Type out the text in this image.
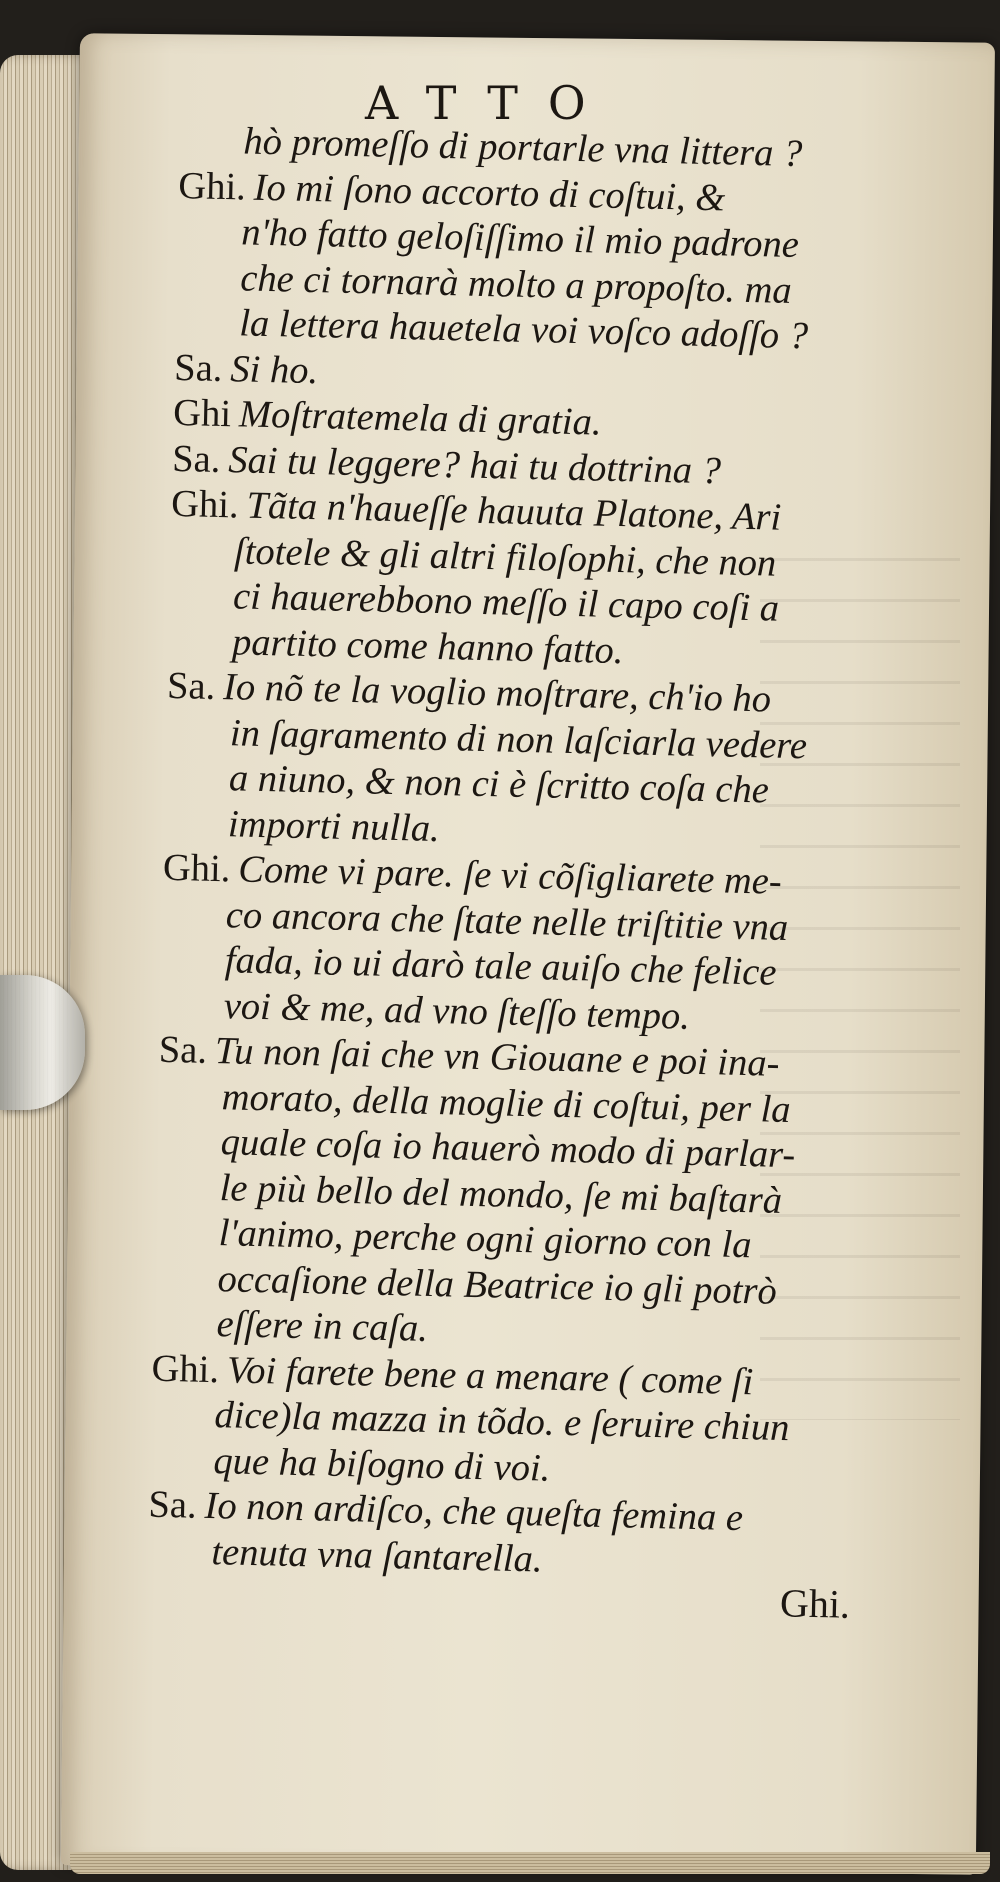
ATTO
hò promeſſo di portarle vna littera ?
Ghi. Io mi ſono accorto di coſtui, &
n'ho fatto geloſiſſimo il mio padrone
che ci tornarà molto a propoſto. ma
la lettera hauetela voi voſco adoſſo ?
Sa. Si ho.
Ghi Moſtratemela di gratia.
Sa. Sai tu leggere? hai tu dottrina ?
Ghi. Tãta n'haueſſe hauuta Platone, Ari
ſtotele & gli altri filoſophi, che non
ci hauerebbono meſſo il capo coſi a
partito come hanno fatto.
Sa. Io nõ te la voglio moſtrare, ch'io ho
in ſagramento di non laſciarla vedere
a niuno, & non ci è ſcritto coſa che
importi nulla.
Ghi. Come vi pare. ſe vi cõſigliarete me-
co ancora che ſtate nelle triſtitie vna
fada, io ui darò tale auiſo che felice
voi & me, ad vno ſteſſo tempo.
Sa. Tu non ſai che vn Giouane e poi ina-
morato, della moglie di coſtui, per la
quale coſa io hauerò modo di parlar-
le più bello del mondo, ſe mi baſtarà
l'animo, perche ogni giorno con la
occaſione della Beatrice io gli potrò
eſſere in caſa.
Ghi. Voi farete bene a menare ( come ſi
dice)la mazza in tõdo. e ſeruire chiun
que ha biſogno di voi.
Sa. Io non ardiſco, che queſta femina e
tenuta vna ſantarella.
Ghi.
